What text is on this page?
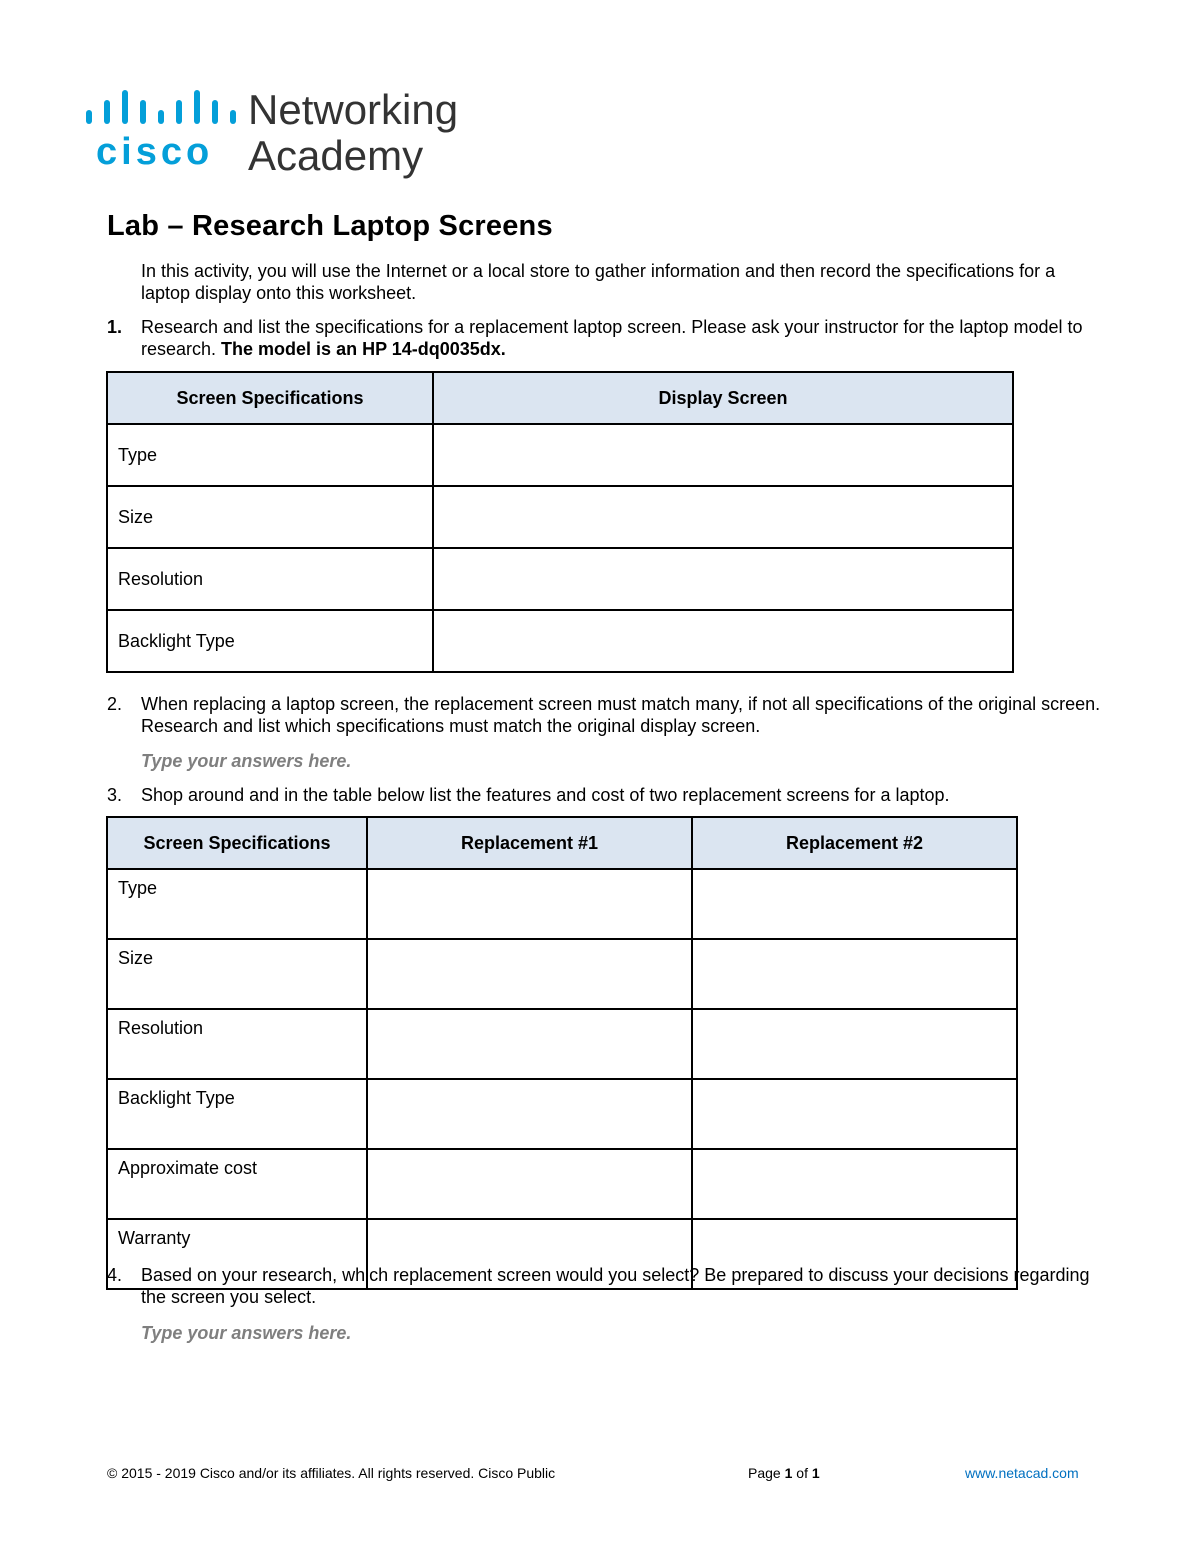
cisco
Networking
Academy
Lab – Research Laptop Screens

In this activity, you will use the Internet or a local store to gather information and then record the specifications for a laptop display onto this worksheet.

1. Research and list the specifications for a replacement laptop screen. Please ask your instructor for the laptop model to research. The model is an HP 14-dq0035dx.

Screen Specifications	Display Screen
Type	
Size	
Resolution	
Backlight Type	

2. When replacing a laptop screen, the replacement screen must match many, if not all specifications of the original screen. Research and list which specifications must match the original display screen.

Type your answers here.

3. Shop around and in the table below list the features and cost of two replacement screens for a laptop.

Screen Specifications	Replacement #1	Replacement #2
Type		
Size		
Resolution		
Backlight Type		
Approximate cost		
Warranty		

4. Based on your research, which replacement screen would you select? Be prepared to discuss your decisions regarding the screen you select.

Type your answers here.

© 2015 - 2019 Cisco and/or its affiliates. All rights reserved. Cisco Public	Page 1 of 1	www.netacad.com
